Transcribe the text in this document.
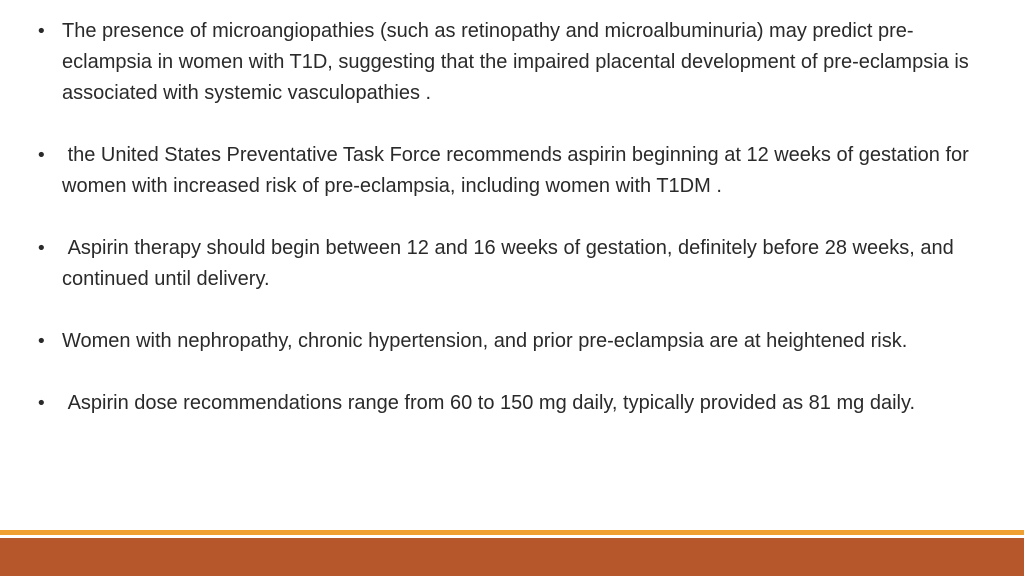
• The presence of microangiopathies (such as retinopathy and microalbuminuria) may predict pre-eclampsia in women with T1D, suggesting that the impaired placental development of pre-eclampsia is associated with systemic vasculopathies .
• the United States Preventative Task Force recommends aspirin beginning at 12 weeks of gestation for women with increased risk of pre-eclampsia, including women with T1DM .
• Aspirin therapy should begin between 12 and 16 weeks of gestation, definitely before 28 weeks, and continued until delivery.
• Women with nephropathy, chronic hypertension, and prior pre-eclampsia are at heightened risk.
• Aspirin dose recommendations range from 60 to 150 mg daily, typically provided as 81 mg daily.
